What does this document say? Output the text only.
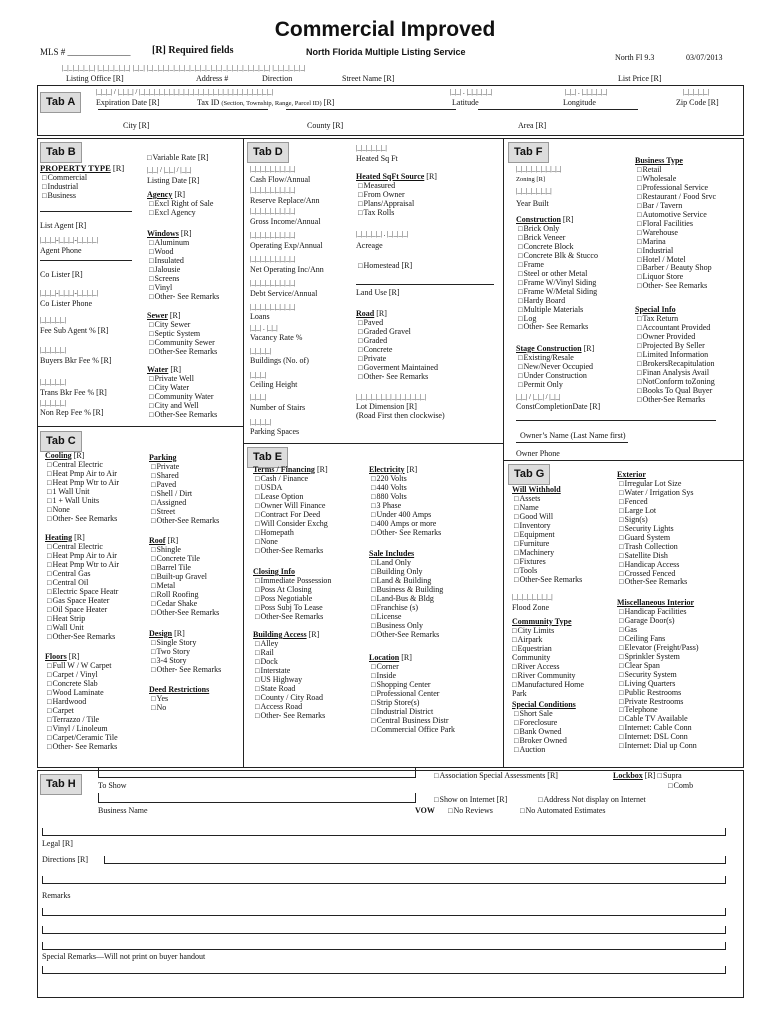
Commercial Improved
MLS # ______________ [R] Required fields	North Florida Multiple Listing Service
North Fl 9.3	03/07/2013
|_|_|_|_|_|_| |_|_|_|_|_|_| |_|_| |_|_|_|_|_|_|_|_|_|_|_|_|_|_|_|_|_|_|_|_|_|_|_| |_|_|_|_|_|_|
Listing Office [R]	Address #	Direction	Street Name [R]	List Price [R]
Tab A
|_|_|_| / |_|_|_| / |_|_|_|_|_|_|_|_|_|_|_|_|_|_|_|_|_|_|_|_|_|_|_|_|_|_|_|	|_|_| . |_|_|_|_|_|	|_|_| . |_|_|_|_|_|	|_|_|_|_|_|
Expiration Date [R]	Tax ID (Section, Township, Range, Parcel ID) [R]	Latitude	Longitude	Zip Code [R]
City [R]	County [R]	Area [R]
Tab B
PROPERTY TYPE [R]
□ Commercial
□ Industrial
□ Business
List Agent [R]
|_|_|_|-|_|_|_|-|_|_|_|_|
Agent Phone
Co Lister [R]
|_|_|_|-|_|_|_|-|_|_|_|_|
Co Lister Phone
|_|_|_|_|_|
Fee Sub Agent % [R]
|_|_|_|_|_|
Buyers Bkr Fee % [R]
|_|_|_|_|_|
Trans Bkr Fee % [R]
|_|_|_|_|_|
Non Rep Fee % [R]
□ Variable Rate [R]
|_|_| / |_|_| / |_|_|
Listing Date [R]
Agency [R]
□ Excl Right of Sale
□ Excl Agency
Windows [R]
□ Aluminum
□ Wood
□ Insulated
□ Jalousie
□ Screens
□ Vinyl
□ Other- See Remarks
Sewer [R]
□ City Sewer
□ Septic System
□ Community Sewer
□ Other-See Remarks
Water [R]
□ Private Well
□ City Water
□ Community Water
□ City and Well
□ Other-See Remarks
Tab D	|_|_|_|_|_|_|
Heated Sq Ft
|_|_|_|_|_|_|_|_|_|
Cash Flow/Annual
|_|_|_|_|_|_|_|_|_|
Reserve Replace/Ann
|_|_|_|_|_|_|_|_|_|
Gross Income/Annual
|_|_|_|_|_|_|_|_|_|
Operating Exp/Annual
|_|_|_|_|_|_|_|_|_|
Net Operating Inc/Ann
|_|_|_|_|_|_|_|_|_|
Debt Service/Annual
|_|_|_|_|_|_|_|_|_|
Loans
|_|_| . |_|_|
Vacancy Rate %
|_|_|_|_|
Buildings (No. of)
|_|_|_|
Ceiling Height
|_|_|_|
Number of Stairs
|_|_|_|_|
Parking Spaces
Heated SqFt Source [R]
□ Measured
□ From Owner
□ Plans/Appraisal
□ Tax Rolls
|_|_|_|_|_| . |_|_|_|_|
Acreage
□ Homestead [R]
Land Use [R]
Road [R]
□ Paved
□ Graded Gravel
□ Graded
□ Concrete
□ Private
□ Goverment Maintained
□ Other- See Remarks
|_|_|_|_|_|_|_|_|_|_|_|_|_|_|
Lot Dimension [R]
(Road First then clockwise)
Tab F
|_|_|_|_|_|_|_|_|_|
Zoning [R]
|_|_|_|_|_|_|_|
Year Built
Construction [R]
□ Brick Only
□ Brick Veneer
□ Concrete Block
□ Concrete Blk & Stucco
□ Frame
□ Steel or other Metal
□ Frame W/Vinyl Siding
□ Frame W/Metal Siding
□ Hardy Board
□ Multiple Materials
□ Log
□ Other- See Remarks
Stage Construction [R]
□ Existing/Resale
□ New/Never Occupied
□ Under Construction
□ Permit Only
|_|_| / |_|_| / |_|_|
ConstCompletionDate [R]
Owner’s Name (Last Name first)
Owner Phone
Business Type
□ Retail
□ Wholesale
□ Professional Service
□ Restaurant / Food Srvc
□ Bar / Tavern
□ Automotive Service
□ Floral Facilities
□ Warehouse
□ Marina
□ Industrial
□ Hotel / Motel
□ Barber / Beauty Shop
□ Liquor Store
□ Other- See Remarks
Special Info
□ Tax Return
□ Accountant Provided
□ Owner Provided
□ Projected By Seller
□ Limited Information
□ BrokersRecapitulation
□ Finan Analysis Avail
□ NotConform toZoning
□ Books To Qual Buyer
□ Other-See Remarks
Tab C
Cooling [R]
□ Central Electric
□ Heat Pmp Air to Air
□ Heat Pmp Wtr to Air
□ 1 Wall Unit
□ 1 + Wall Units
□ None
□ Other- See Remarks
Heating [R]
□ Central Electric
□ Heat Pmp Air to Air
□ Heat Pmp Wtr to Air
□ Central Gas
□ Central Oil
□ Electric Space Heatr
□ Gas Space Heater
□ Oil Space Heater
□ Heat Strip
□ Wall Unit
□ Other-See Remarks
Floors [R]
□ Full W / W Carpet
□ Carpet / Vinyl
□ Concrete Slab
□ Wood Laminate
□ Hardwood
□ Carpet
□ Terrazzo / Tile
□ Vinyl / Linoleum
□ Carpet/Ceramic Tile
□ Other- See Remarks
Parking
□ Private
□ Shared
□ Paved
□ Shell / Dirt
□ Assigned
□ Street
□ Other-See Remarks
Roof [R]
□ Shingle
□ Concrete Tile
□ Barrel Tile
□ Built-up Gravel
□ Metal
□ Roll Roofing
□ Cedar Shake
□ Other-See Remarks
Design [R]
□ Single Story
□ Two Story
□ 3-4 Story
□ Other- See Remarks
Deed Restrictions
□ Yes
□ No
Tab E
Terms / Financing [R]
□ Cash / Finance
□ USDA
□ Lease Option
□ Owner Will Finance
□ Contract For Deed
□ Will Consider Exchg
□ Homepath
□ None
□ Other-See Remarks
Closing Info
□ Immediate Possession
□ Poss At Closing
□ Poss Negotiable
□ Poss Subj To Lease
□ Other-See Remarks
Building Access [R]
□ Alley
□ Rail
□ Dock
□ Interstate
□ US Highway
□ State Road
□ County / City Road
□ Access Road
□ Other- See Remarks
Electricity [R]
□ 220 Volts
□ 440 Volts
□ 880 Volts
□ 3 Phase
□ Under 400 Amps
□ 400 Amps or more
□ Other- See Remarks
Sale Includes
□ Land Only
□ Building Only
□ Land & Building
□ Business & Building
□ Land-Bus & Bldg
□ Franchise (s)
□ License
□ Business Only
□ Other-See Remarks
Location [R]
□ Corner
□ Inside
□ Shopping Center
□ Professional Center
□ Strip Store(s)
□ Industrial District
□ Central Business Distr
□ Commercial Office Park
Tab G
Will Withhold
□ Assets
□ Name
□ Good Will
□ Inventory
□ Equipment
□ Furniture
□ Machinery
□ Fixtures
□ Tools
□ Other-See Remarks
|_|_|_|_|_|_|_|_|
Flood Zone
Community Type
□ City Limits
□ Airpark
□ Equestrian
Community
□ River Access
□ River Community
□ Manufactured Home
Park
Special Conditions
□ Short Sale
□ Foreclosure
□ Bank Owned
□ Broker Owned
□ Auction
Exterior
□ Irregular Lot Size
□ Water / Irrigation Sys
□ Fenced
□ Large Lot
□ Sign(s)
□ Security Lights
□ Guard System
□ Trash Collection
□ Satellite Dish
□ Handicap Access
□ Crossed Fenced
□ Other-See Remarks
Miscellaneous Interior
□ Handicap Facilities
□ Garage Door(s)
□ Gas
□ Ceiling Fans
□ Elevator (Freight/Pass)
□ Sprinkler System
□ Clear Span
□ Security System
□ Living Quarters
□ Public Restrooms
□ Private Restrooms
□ Telephone
□ Cable TV Available
□ Internet: Cable Conn
□ Internet: DSL Conn
□ Internet: Dial up Conn
Tab H	To Show
□ Association Special Assessments [R]	Lockbox [R] □ Supra
□ Comb
Business Name
□ Show on Internet [R]	□ Address Not display on Internet
VOW	□ No Reviews	□ No Automated Estimates
Legal [R]
Directions [R]
Remarks
Special Remarks—Will not print on buyer handout
